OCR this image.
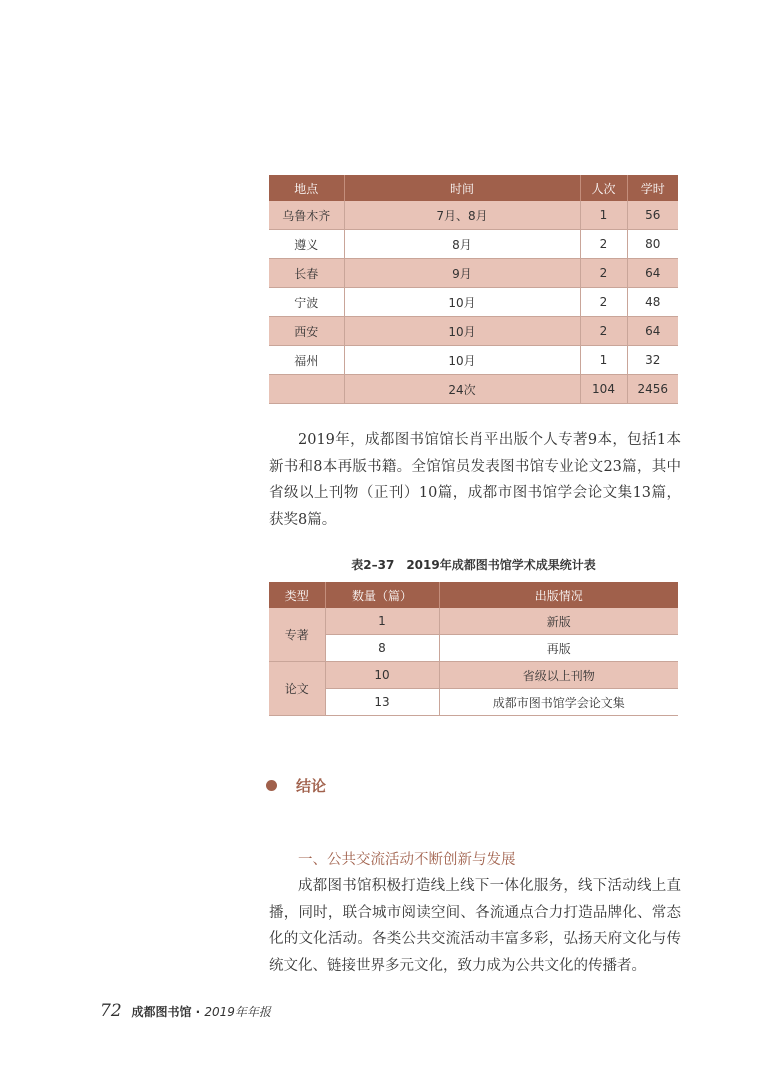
地点	时间	人次	学时
乌鲁木齐	7月、8月	1	56
遵义	8月	2	80
长春	9月	2	64
宁波	10月	2	48
西安	10月	2	64
福州	10月	1	32
	24次	104	2456

2019年，成都图书馆馆长肖平出版个人专著9本，包括1本新书和8本再版书籍。全馆馆员发表图书馆专业论文23篇，其中省级以上刊物（正刊）10篇，成都市图书馆学会论文集13篇，获奖8篇。

表2–37　2019年成都图书馆学术成果统计表
类型	数量（篇）	出版情况
专著	1	新版
	8	再版
论文	10	省级以上刊物
	13	成都市图书馆学会论文集
结论
一、公共交流活动不断创新与发展

成都图书馆积极打造线上线下一体化服务，线下活动线上直播，同时，联合城市阅读空间、各流通点合力打造品牌化、常态化的文化活动。各类公共交流活动丰富多彩，弘扬天府文化与传统文化、链接世界多元文化，致力成为公共文化的传播者。

72 成都图书馆 · 2019年年报
